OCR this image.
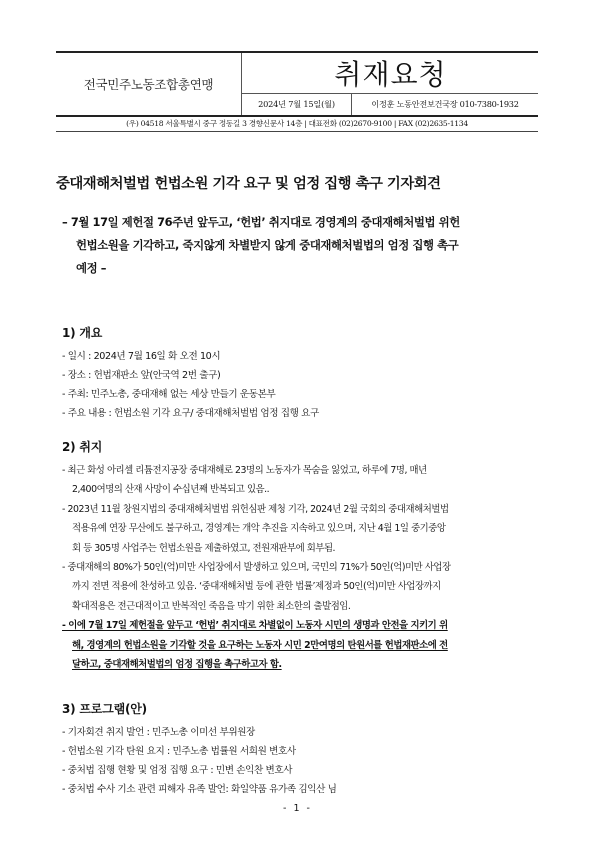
전국민주노동조합총연맹	취재요청
2024년 7월 15일(월)	이정훈 노동안전보건국장 010-7380-1932
(우) 04518 서울특별시 중구 정동길 3 경향신문사 14층 | 대표전화 (02)2670-9100 | FAX (02)2635-1134
중대재해처벌법 헌법소원 기각 요구 및 엄정 집행 촉구 기자회견
– 7월 17일 제헌절 76주년 앞두고, ‘헌법’ 취지대로 경영계의 중대재해처벌법 위헌
헌법소원을 기각하고, 죽지않게 차별받지 않게 중대재해처벌법의 엄정 집행 촉구
예정 –
1) 개요
- 일시 : 2024년 7월 16일 화 오전 10시
- 장소 : 헌법재판소 앞(안국역 2번 출구)
- 주최: 민주노총, 중대재해 없는 세상 만들기 운동본부
- 주요 내용 : 헌법소원 기각 요구/ 중대재해처벌법 엄정 집행 요구
2) 취지
- 최근 화성 아리셀 리튬전지공장 중대재해로 23명의 노동자가 목숨을 잃었고, 하루에 7명, 매년
2,400여명의 산재 사망이 수십년째 반복되고 있음..
- 2023년 11월 창원지법의 중대재해처벌법 위헌심판 제청 기각, 2024년 2월 국회의 중대재해처벌법
적용유예 연장 무산에도 불구하고, 경영계는 개악 추진을 지속하고 있으며, 지난 4월 1일 중기중앙
회 등 305명 사업주는 헌법소원을 제출하였고, 전원재판부에 회부됨.
- 중대재해의 80%가 50인(억)미만 사업장에서 발생하고 있으며, 국민의 71%가 50인(억)미만 사업장
까지 전면 적용에 찬성하고 있음. ‘중대재해처벌 등에 관한 법률’제정과 50인(억)미만 사업장까지
확대적용은 전근대적이고 반복적인 죽음을 막기 위한 최소한의 출발점임.
- 이에 7월 17일 제헌절을 앞두고 ‘헌법’ 취지대로 차별없이 노동자 시민의 생명과 안전을 지키기 위
해, 경영계의 헌법소원을 기각할 것을 요구하는 노동자 시민 2만여명의 탄원서를 헌법재판소에 전
달하고, 중대재해처벌법의 엄정 집행을 촉구하고자 함.
3) 프로그램(안)
- 기자회견 취지 발언 : 민주노총 이미선 부위원장
- 헌법소원 기각 탄원 요지 : 민주노총 법률원 서희원 변호사
- 중처법 집행 현황 및 엄정 집행 요구 : 민변 손익찬 변호사
- 중처법 수사 기소 관련 피해자 유족 발언: 화일약품 유가족 김익산 님
- 1 -
